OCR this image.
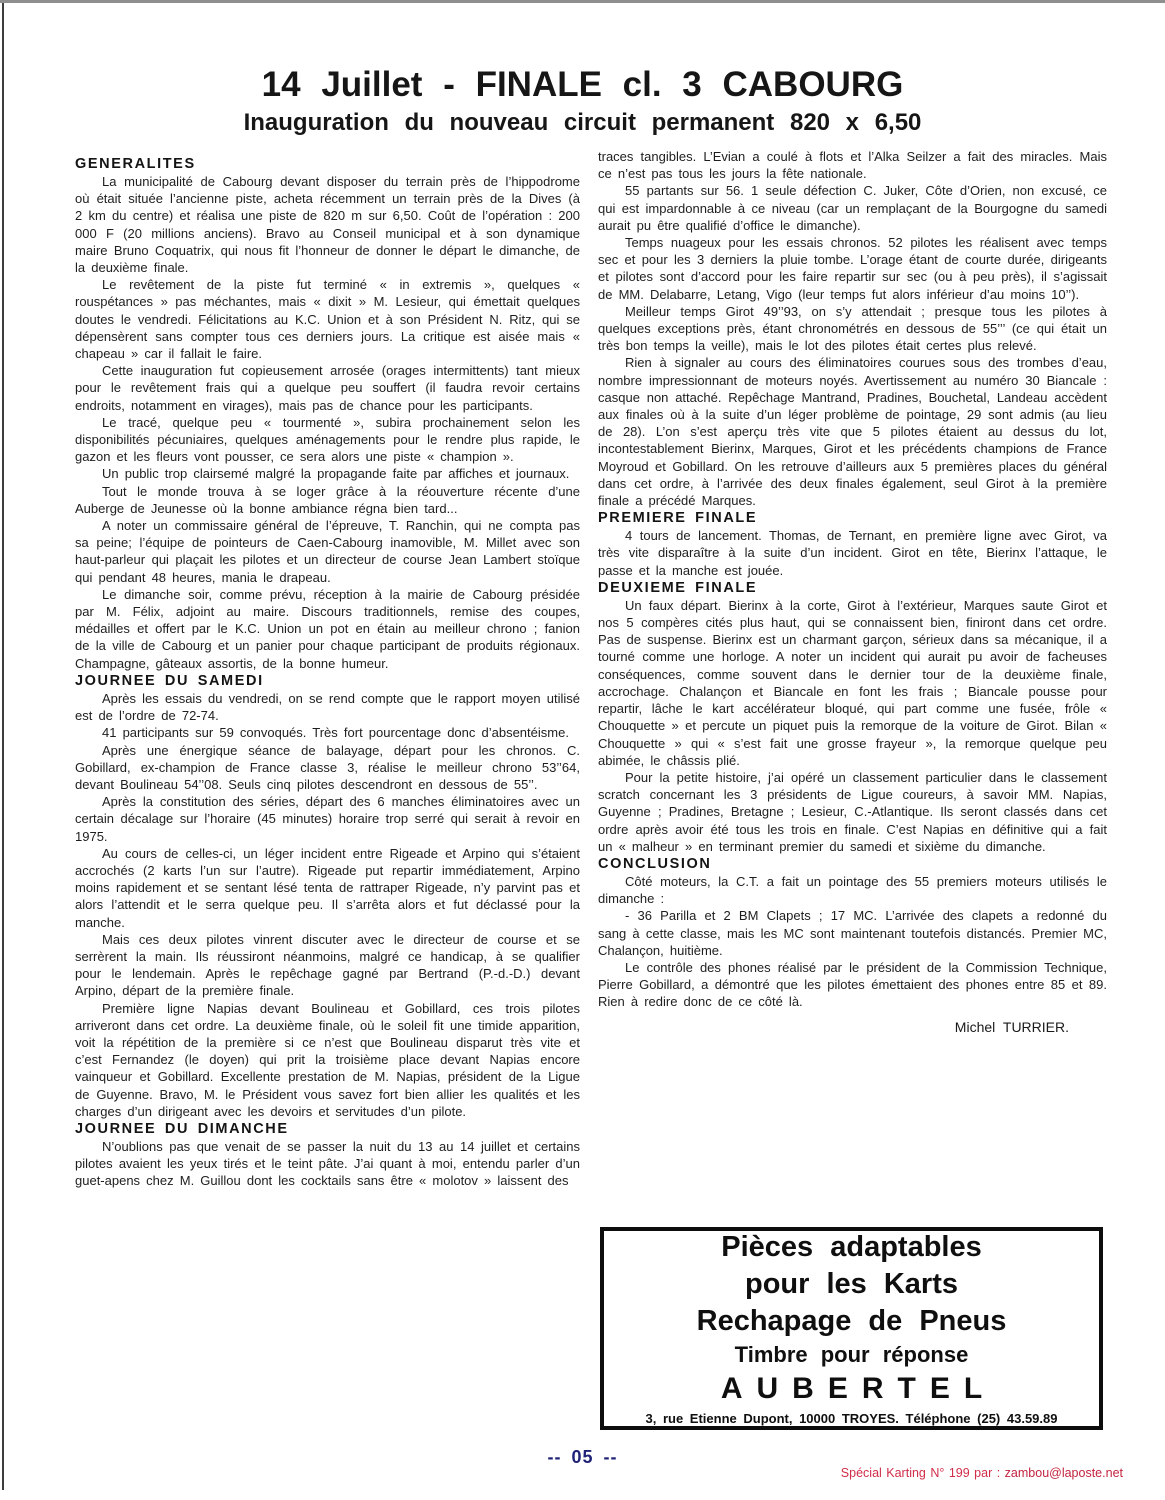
14 Juillet - FINALE cl. 3 CABOURG
Inauguration du nouveau circuit permanent 820 x 6,50
GENERALITES

La municipalité de Cabourg devant disposer du terrain près de l’hippodrome où était située l’ancienne piste, acheta récemment un terrain près de la Dives (à 2 km du centre) et réalisa une piste de 820 m sur 6,50. Coût de l’opération : 200 000 F (20 millions anciens). Bravo au Conseil municipal et à son dynamique maire Bruno Coquatrix, qui nous fit l’honneur de donner le départ le dimanche, de la deuxième finale.

Le revêtement de la piste fut terminé « in extremis », quelques « rouspétances » pas méchantes, mais « dixit » M. Lesieur, qui émettait quelques doutes le vendredi. Félicitations au K.C. Union et à son Président N. Ritz, qui se dépensèrent sans compter tous ces derniers jours. La critique est aisée mais « chapeau » car il fallait le faire.

Cette inauguration fut copieusement arrosée (orages intermittents) tant mieux pour le revêtement frais qui a quelque peu souffert (il faudra revoir certains endroits, notamment en virages), mais pas de chance pour les participants.

Le tracé, quelque peu « tourmenté », subira prochainement selon les disponibilités pécuniaires, quelques aménagements pour le rendre plus rapide, le gazon et les fleurs vont pousser, ce sera alors une piste « champion ».

Un public trop clairsemé malgré la propagande faite par affiches et journaux.

Tout le monde trouva à se loger grâce à la réouverture récente d’une Auberge de Jeunesse où la bonne ambiance régna bien tard...

A noter un commissaire général de l’épreuve, T. Ranchin, qui ne compta pas sa peine; l’équipe de pointeurs de Caen-Cabourg inamovible, M. Millet avec son haut-parleur qui plaçait les pilotes et un directeur de course Jean Lambert stoïque qui pendant 48 heures, mania le drapeau.

Le dimanche soir, comme prévu, réception à la mairie de Cabourg présidée par M. Félix, adjoint au maire. Discours traditionnels, remise des coupes, médailles et offert par le K.C. Union un pot en étain au meilleur chrono ; fanion de la ville de Cabourg et un panier pour chaque participant de produits régionaux. Champagne, gâteaux assortis, de la bonne humeur.

JOURNEE DU SAMEDI

Après les essais du vendredi, on se rend compte que le rapport moyen utilisé est de l’ordre de 72-74.

41 participants sur 59 convoqués. Très fort pourcentage donc d’absentéisme.

Après une énergique séance de balayage, départ pour les chronos. C. Gobillard, ex-champion de France classe 3, réalise le meilleur chrono 53’’64, devant Boulineau 54’’08. Seuls cinq pilotes descendront en dessous de 55’’.

Après la constitution des séries, départ des 6 manches éliminatoires avec un certain décalage sur l’horaire (45 minutes) horaire trop serré qui serait à revoir en 1975.

Au cours de celles-ci, un léger incident entre Rigeade et Arpino qui s’étaient accrochés (2 karts l’un sur l’autre). Rigeade put repartir immédiatement, Arpino moins rapidement et se sentant lésé tenta de rattraper Rigeade, n’y parvint pas et alors l’attendit et le serra quelque peu. Il s’arrêta alors et fut déclassé pour la manche.

Mais ces deux pilotes vinrent discuter avec le directeur de course et se serrèrent la main. Ils réussiront néanmoins, malgré ce handicap, à se qualifier pour le lendemain. Après le repêchage gagné par Bertrand (P.-d.-D.) devant Arpino, départ de la première finale.

Première ligne Napias devant Boulineau et Gobillard, ces trois pilotes arriveront dans cet ordre. La deuxième finale, où le soleil fit une timide apparition, voit la répétition de la première si ce n’est que Boulineau disparut très vite et c’est Fernandez (le doyen) qui prit la troisième place devant Napias encore vainqueur et Gobillard. Excellente prestation de M. Napias, président de la Ligue de Guyenne. Bravo, M. le Président vous savez fort bien allier les qualités et les charges d’un dirigeant avec les devoirs et servitudes d’un pilote.

JOURNEE DU DIMANCHE

N’oublions pas que venait de se passer la nuit du 13 au 14 juillet et certains pilotes avaient les yeux tirés et le teint pâte. J’ai quant à moi, entendu parler d’un guet-apens chez M. Guillou dont les cocktails sans être « molotov » laissent des

traces tangibles. L’Evian a coulé à flots et l’Alka Seilzer a fait des miracles. Mais ce n’est pas tous les jours la fête nationale.

55 partants sur 56. 1 seule défection C. Juker, Côte d’Orien, non excusé, ce qui est impardonnable à ce niveau (car un remplaçant de la Bourgogne du samedi aurait pu être qualifié d’office le dimanche).

Temps nuageux pour les essais chronos. 52 pilotes les réalisent avec temps sec et pour les 3 derniers la pluie tombe. L’orage étant de courte durée, dirigeants et pilotes sont d’accord pour les faire repartir sur sec (ou à peu près), il s’agissait de MM. Delabarre, Letang, Vigo (leur temps fut alors inférieur d’au moins 10’’).

Meilleur temps Girot 49’’93, on s’y attendait ; presque tous les pilotes à quelques exceptions près, étant chronométrés en dessous de 55’’’ (ce qui était un très bon temps la veille), mais le lot des pilotes était certes plus relevé.

Rien à signaler au cours des éliminatoires courues sous des trombes d’eau, nombre impressionnant de moteurs noyés. Avertissement au numéro 30 Biancale : casque non attaché. Repêchage Mantrand, Pradines, Bouchetal, Landeau accèdent aux finales où à la suite d’un léger problème de pointage, 29 sont admis (au lieu de 28). L’on s’est aperçu très vite que 5 pilotes étaient au dessus du lot, incontestablement Bierinx, Marques, Girot et les précédents champions de France Moyroud et Gobillard. On les retrouve d’ailleurs aux 5 premières places du général dans cet ordre, à l’arrivée des deux finales également, seul Girot à la première finale a précédé Marques.

PREMIERE FINALE

4 tours de lancement. Thomas, de Ternant, en première ligne avec Girot, va très vite disparaître à la suite d’un incident. Girot en tête, Bierinx l’attaque, le passe et la manche est jouée.

DEUXIEME FINALE

Un faux départ. Bierinx à la corte, Girot à l’extérieur, Marques saute Girot et nos 5 compères cités plus haut, qui se connaissent bien, finiront dans cet ordre. Pas de suspense. Bierinx est un charmant garçon, sérieux dans sa mécanique, il a tourné comme une horloge. A noter un incident qui aurait pu avoir de facheuses conséquences, comme souvent dans le dernier tour de la deuxième finale, accrochage. Chalançon et Biancale en font les frais ; Biancale pousse pour repartir, lâche le kart accélérateur bloqué, qui part comme une fusée, frôle « Chouquette » et percute un piquet puis la remorque de la voiture de Girot. Bilan « Chouquette » qui « s’est fait une grosse frayeur », la remorque quelque peu abimée, le châssis plié.

Pour la petite histoire, j’ai opéré un classement particulier dans le classement scratch concernant les 3 présidents de Ligue coureurs, à savoir MM. Napias, Guyenne ; Pradines, Bretagne ; Lesieur, C.-Atlantique. Ils seront classés dans cet ordre après avoir été tous les trois en finale. C’est Napias en définitive qui a fait un « malheur » en terminant premier du samedi et sixième du dimanche.

CONCLUSION

Côté moteurs, la C.T. a fait un pointage des 55 premiers moteurs utilisés le dimanche :

- 36 Parilla et 2 BM Clapets ; 17 MC. L’arrivée des clapets a redonné du sang à cette classe, mais les MC sont maintenant toutefois distancés. Premier MC, Chalançon, huitième.

Le contrôle des phones réalisé par le président de la Commission Technique, Pierre Gobillard, a démontré que les pilotes émettaient des phones entre 85 et 89. Rien à redire donc de ce côté là.

Michel TURRIER.
Pièces adaptables
pour les Karts
Rechapage de Pneus
Timbre pour réponse
AUBERTEL
3, rue Etienne Dupont, 10000 TROYES. Téléphone (25) 43.59.89
-- 05 --
Spécial Karting N° 199 par : zambou@laposte.net
